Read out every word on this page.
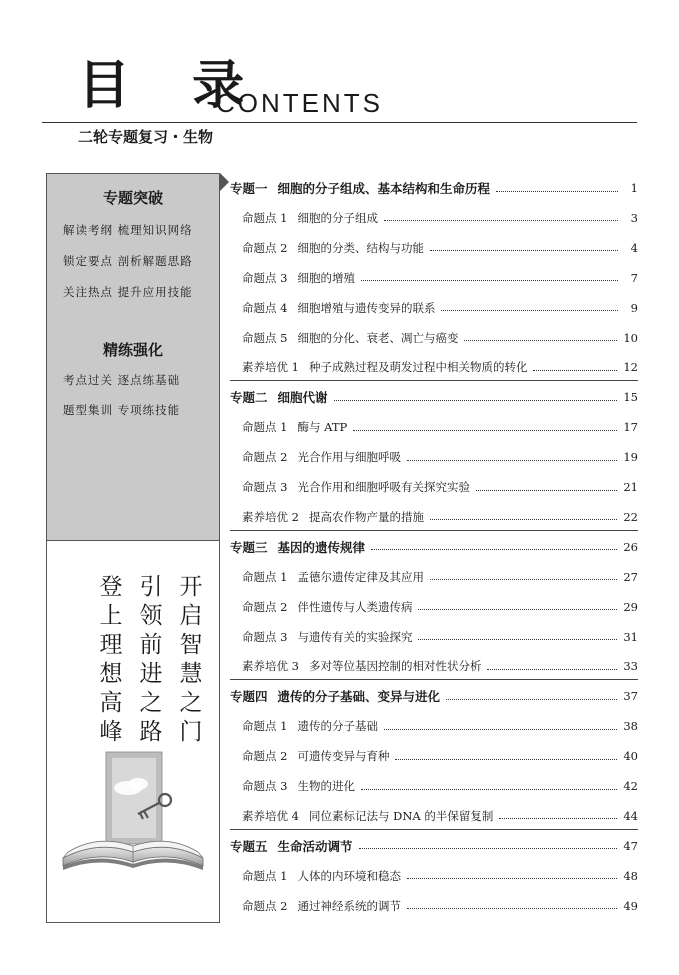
目 录
CONTENTS
二轮专题复习・生物
专题突破
解读考纲 梳理知识网络
锁定要点 剖析解题思路
关注热点 提升应用技能
精练强化
考点过关 逐点练基础
题型集训 专项练技能
开启智慧之门
引领前进之路
登上理想高峰
专题一 细胞的分子组成、基本结构和生命历程	1
命题点 1 细胞的分子组成	3
命题点 2 细胞的分类、结构与功能	4
命题点 3 细胞的增殖	7
命题点 4 细胞增殖与遗传变异的联系	9
命题点 5 细胞的分化、衰老、凋亡与癌变	10
素养培优 1 种子成熟过程及萌发过程中相关物质的转化	12
专题二 细胞代谢	15
命题点 1 酶与 ATP	17
命题点 2 光合作用与细胞呼吸	19
命题点 3 光合作用和细胞呼吸有关探究实验	21
素养培优 2 提高农作物产量的措施	22
专题三 基因的遗传规律	26
命题点 1 孟德尔遗传定律及其应用	27
命题点 2 伴性遗传与人类遗传病	29
命题点 3 与遗传有关的实验探究	31
素养培优 3 多对等位基因控制的相对性状分析	33
专题四 遗传的分子基础、变异与进化	37
命题点 1 遗传的分子基础	38
命题点 2 可遗传变异与育种	40
命题点 3 生物的进化	42
素养培优 4 同位素标记法与 DNA 的半保留复制	44
专题五 生命活动调节	47
命题点 1 人体的内环境和稳态	48
命题点 2 通过神经系统的调节	49
